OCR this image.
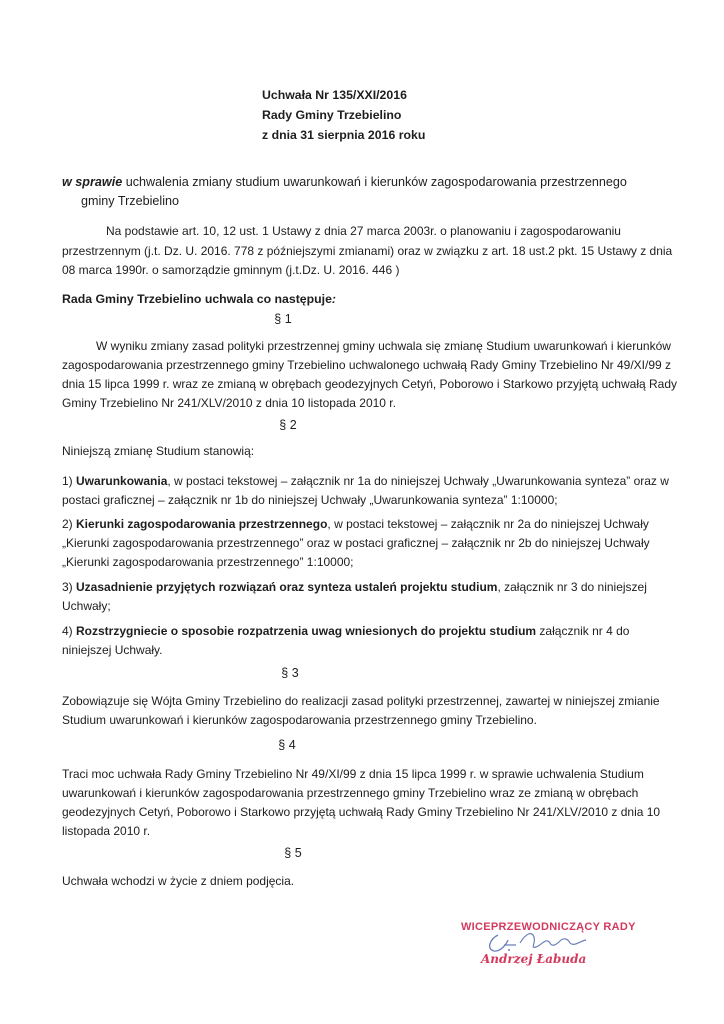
Uchwała Nr 135/XXI/2016
Rady Gminy Trzebielino
z dnia 31 sierpnia 2016 roku
w sprawie uchwalenia zmiany studium uwarunkowań i kierunków zagospodarowania przestrzennego
gminy Trzebielino
Na podstawie art. 10, 12 ust. 1 Ustawy z dnia 27 marca 2003r. o planowaniu i zagospodarowaniu przestrzennym (j.t. Dz. U. 2016. 778 z późniejszymi zmianami) oraz w związku z art. 18 ust.2 pkt. 15 Ustawy z dnia 08 marca 1990r. o samorządzie gminnym (j.t.Dz. U. 2016. 446 )
Rada Gminy Trzebielino uchwala co następuje:
§ 1
W wyniku zmiany zasad polityki przestrzennej gminy uchwala się zmianę Studium uwarunkowań i kierunków zagospodarowania przestrzennego gminy Trzebielino uchwalonego uchwałą Rady Gminy Trzebielino Nr 49/XI/99 z dnia 15 lipca 1999 r. wraz ze zmianą w obrębach geodezyjnych Cetyń, Poborowo i Starkowo przyjętą uchwałą Rady Gminy Trzebielino Nr 241/XLV/2010 z dnia 10 listopada 2010 r.
§ 2
Niniejszą zmianę Studium stanowią:
1) Uwarunkowania, w postaci tekstowej – załącznik nr 1a do niniejszej Uchwały „Uwarunkowania synteza” oraz w postaci graficznej – załącznik nr 1b do niniejszej Uchwały „Uwarunkowania synteza” 1:10000;
2) Kierunki zagospodarowania przestrzennego, w postaci tekstowej – załącznik nr 2a do niniejszej Uchwały „Kierunki zagospodarowania przestrzennego” oraz w postaci graficznej – załącznik nr 2b do niniejszej Uchwały „Kierunki zagospodarowania przestrzennego” 1:10000;
3) Uzasadnienie przyjętych rozwiązań oraz synteza ustaleń projektu studium, załącznik nr 3 do niniejszej Uchwały;
4) Rozstrzygniecie o sposobie rozpatrzenia uwag wniesionych do projektu studium załącznik nr 4 do niniejszej Uchwały.
§ 3
Zobowiązuje się Wójta Gminy Trzebielino do realizacji zasad polityki przestrzennej, zawartej w niniejszej zmianie Studium uwarunkowań i kierunków zagospodarowania przestrzennego gminy Trzebielino.
§ 4
Traci moc uchwała Rady Gminy Trzebielino Nr 49/XI/99 z dnia 15 lipca 1999 r. w sprawie uchwalenia Studium uwarunkowań i kierunków zagospodarowania przestrzennego gminy Trzebielino wraz ze zmianą w obrębach geodezyjnych Cetyń, Poborowo i Starkowo przyjętą uchwałą Rady Gminy Trzebielino Nr 241/XLV/2010 z dnia 10 listopada 2010 r.
§ 5
Uchwała wchodzi w życie z dniem podjęcia.
WICEPRZEWODNICZĄCY RADY
Andrzej Łabuda
